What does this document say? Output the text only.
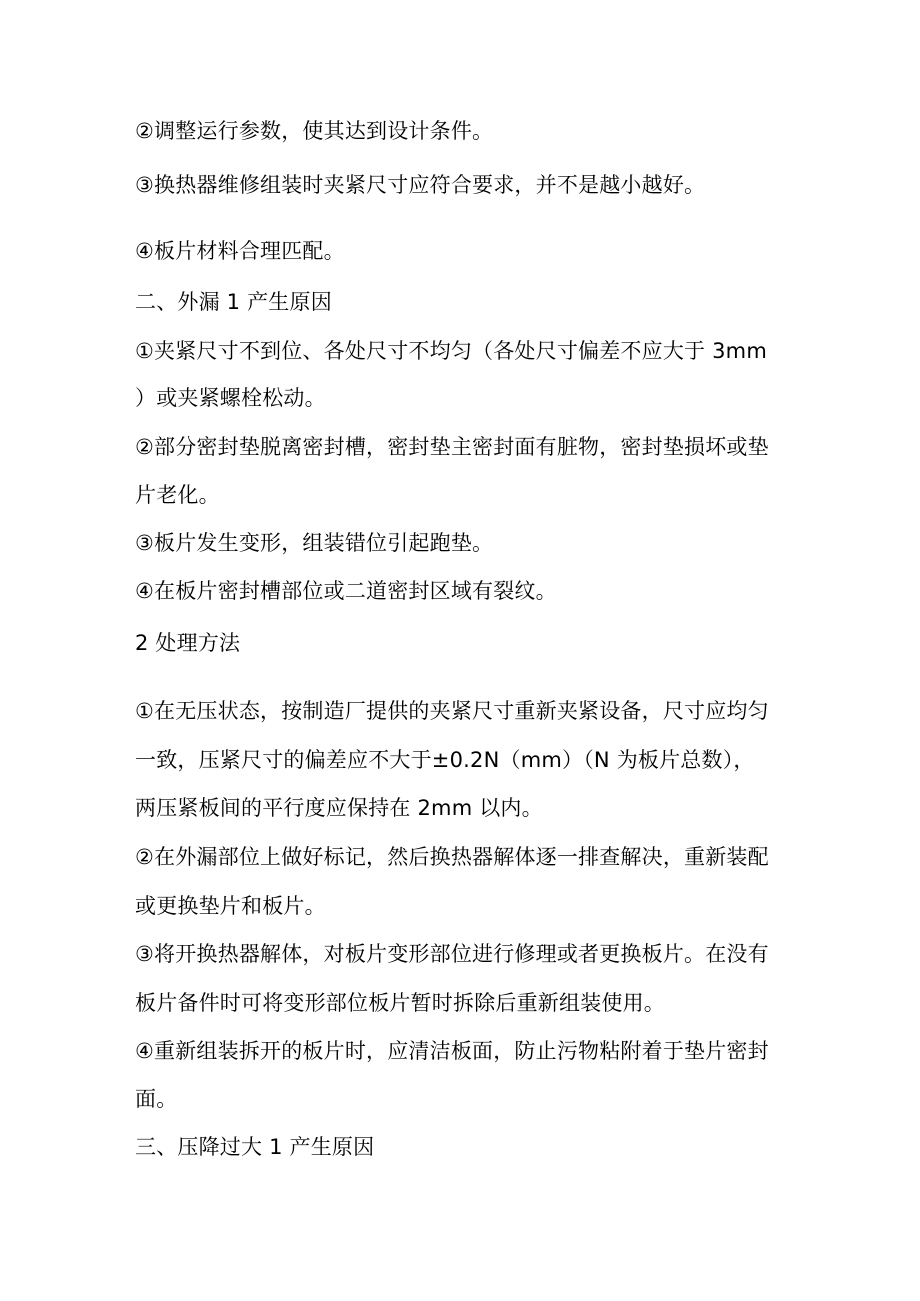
②调整运行参数，使其达到设计条件。
③换热器维修组装时夹紧尺寸应符合要求，并不是越小越好。
④板片材料合理匹配。
二、外漏 1 产生原因
①夹紧尺寸不到位、各处尺寸不均匀（各处尺寸偏差不应大于 3mm
）或夹紧螺栓松动。
②部分密封垫脱离密封槽，密封垫主密封面有脏物，密封垫损坏或垫
片老化。
③板片发生变形，组装错位引起跑垫。
④在板片密封槽部位或二道密封区域有裂纹。
2 处理方法
①在无压状态，按制造厂提供的夹紧尺寸重新夹紧设备，尺寸应均匀
一致，压紧尺寸的偏差应不大于±0.2N（mm）（N 为板片总数），
两压紧板间的平行度应保持在 2mm 以内。
②在外漏部位上做好标记，然后换热器解体逐一排查解决，重新装配
或更换垫片和板片。
③将开换热器解体，对板片变形部位进行修理或者更换板片。在没有
板片备件时可将变形部位板片暂时拆除后重新组装使用。
④重新组装拆开的板片时，应清洁板面，防止污物粘附着于垫片密封
面。
三、压降过大 1 产生原因
